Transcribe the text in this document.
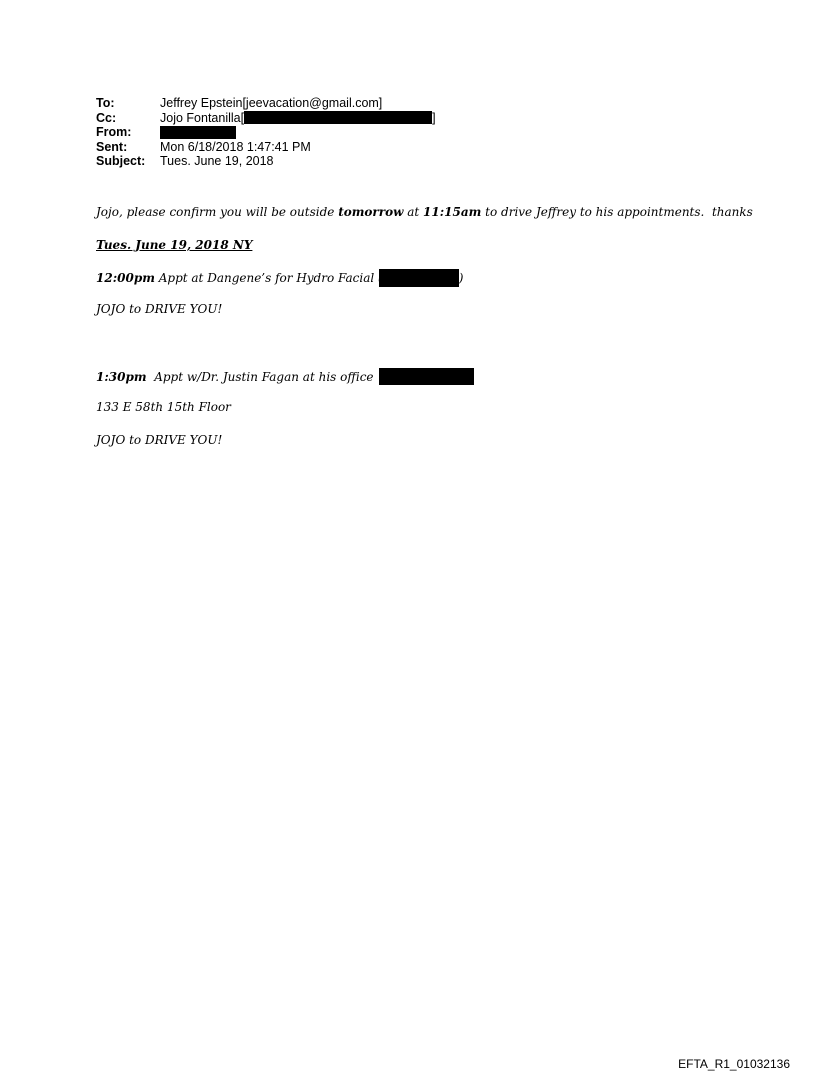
To:	Jeffrey Epstein[jeevacation@gmail.com]
Cc:	Jojo Fontanilla[	]
From:
Sent:	Mon 6/18/2018 1:47:41 PM
Subject:	Tues. June 19, 2018
Jojo, please confirm you will be outside tomorrow at 11:15am to drive Jeffrey to his appointments.  thanks
Tues. June 19, 2018 NY
12:00pm Appt at Dangene’s for Hydro Facial	)
JOJO to DRIVE YOU!
1:30pm Appt w/Dr. Justin Fagan at his office
133 E 58th 15th Floor
JOJO to DRIVE YOU!
EFTA_R1_01032136
